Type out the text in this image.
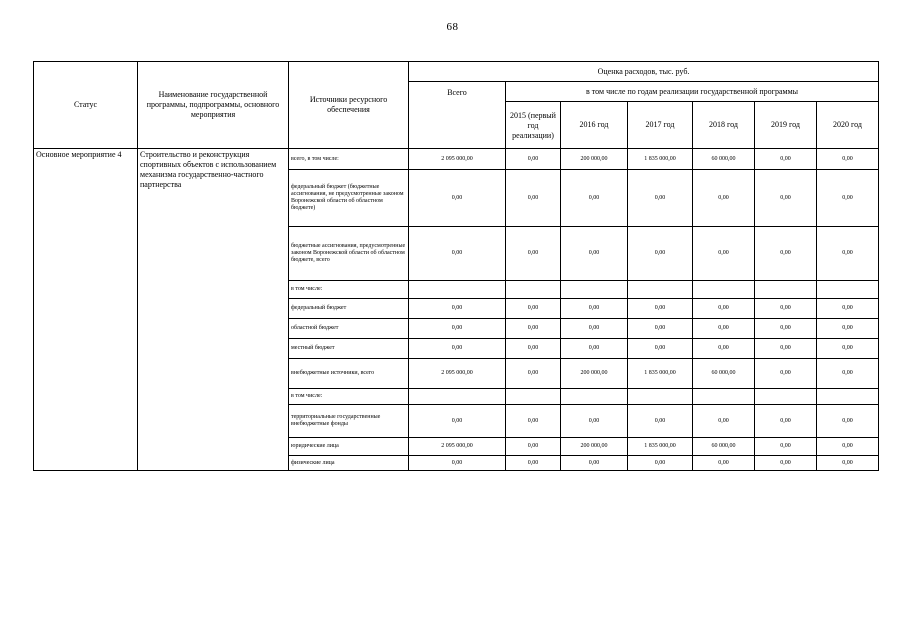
68
Статус	Наименование государственной программы, подпрограммы, основного мероприятия	Источники ресурсного обеспечения	Оценка расходов, тыс. руб.						
			Всего	в том числе по годам реализации государственной программы					
				2015 (первый год реализации)	2016 год	2017 год	2018 год	2019 год	2020 год
Основное мероприятие 4	Строительство и реконструкция спортивных объектов с использованием механизма государственно-частного партнерства	всего, в том числе:	2 095 000,00	0,00	200 000,00	1 835 000,00	60 000,00	0,00	0,00
		федеральный бюджет (бюджетные ассигнования, не предусмотренные законом Воронежской области об областном бюджете)	0,00	0,00	0,00	0,00	0,00	0,00	0,00
		бюджетные ассигнования, предусмотренные законом Воронежской области об областном бюджете, всего	0,00	0,00	0,00	0,00	0,00	0,00	0,00
		в том числе:							
		федеральный бюджет	0,00	0,00	0,00	0,00	0,00	0,00	0,00
		областной бюджет	0,00	0,00	0,00	0,00	0,00	0,00	0,00
		местный бюджет	0,00	0,00	0,00	0,00	0,00	0,00	0,00
		внебюджетные источники, всего	2 095 000,00	0,00	200 000,00	1 835 000,00	60 000,00	0,00	0,00
		в том числе:							
		территориальные государственные внебюджетные фонды	0,00	0,00	0,00	0,00	0,00	0,00	0,00
		юридические лица	2 095 000,00	0,00	200 000,00	1 835 000,00	60 000,00	0,00	0,00
		физические лица	0,00	0,00	0,00	0,00	0,00	0,00	0,00
